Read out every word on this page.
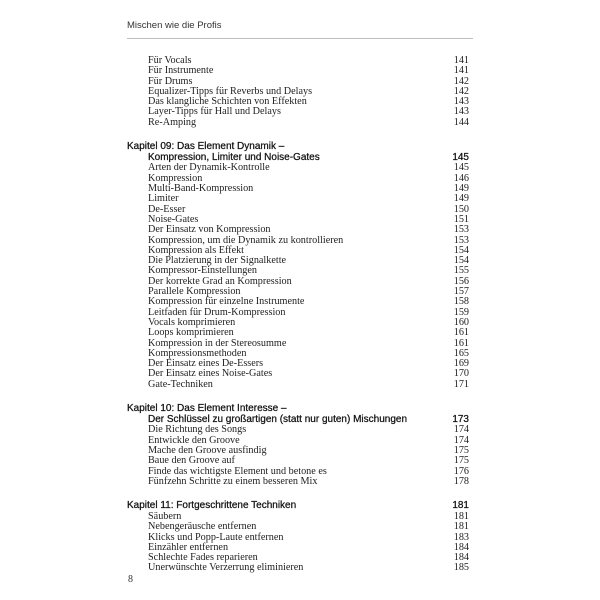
Mischen wie die Profis
Für Vocals	141
Für Instrumente	141
Für Drums	142
Equalizer-Tipps für Reverbs und Delays	142
Das klangliche Schichten von Effekten	143
Layer-Tipps für Hall und Delays	143
Re-Amping	144
Kapitel 09: Das Element Dynamik –
Kompression, Limiter und Noise-Gates	145
Arten der Dynamik-Kontrolle	145
Kompression	146
Multi-Band-Kompression	149
Limiter	149
De-Esser	150
Noise-Gates	151
Der Einsatz von Kompression	153
Kompression, um die Dynamik zu kontrollieren	153
Kompression als Effekt	154
Die Platzierung in der Signalkette	154
Kompressor-Einstellungen	155
Der korrekte Grad an Kompression	156
Parallele Kompression	157
Kompression für einzelne Instrumente	158
Leitfaden für Drum-Kompression	159
Vocals komprimieren	160
Loops komprimieren	161
Kompression in der Stereosumme	161
Kompressionsmethoden	165
Der Einsatz eines De-Essers	169
Der Einsatz eines Noise-Gates	170
Gate-Techniken	171
Kapitel 10: Das Element Interesse –
Der Schlüssel zu großartigen (statt nur guten) Mischungen	173
Die Richtung des Songs	174
Entwickle den Groove	174
Mache den Groove ausfindig	175
Baue den Groove auf	175
Finde das wichtigste Element und betone es	176
Fünfzehn Schritte zu einem besseren Mix	178
Kapitel 11: Fortgeschrittene Techniken	181
Säubern	181
Nebengeräusche entfernen	181
Klicks und Popp-Laute entfernen	183
Einzähler entfernen	184
Schlechte Fades reparieren	184
Unerwünschte Verzerrung eliminieren	185
8
